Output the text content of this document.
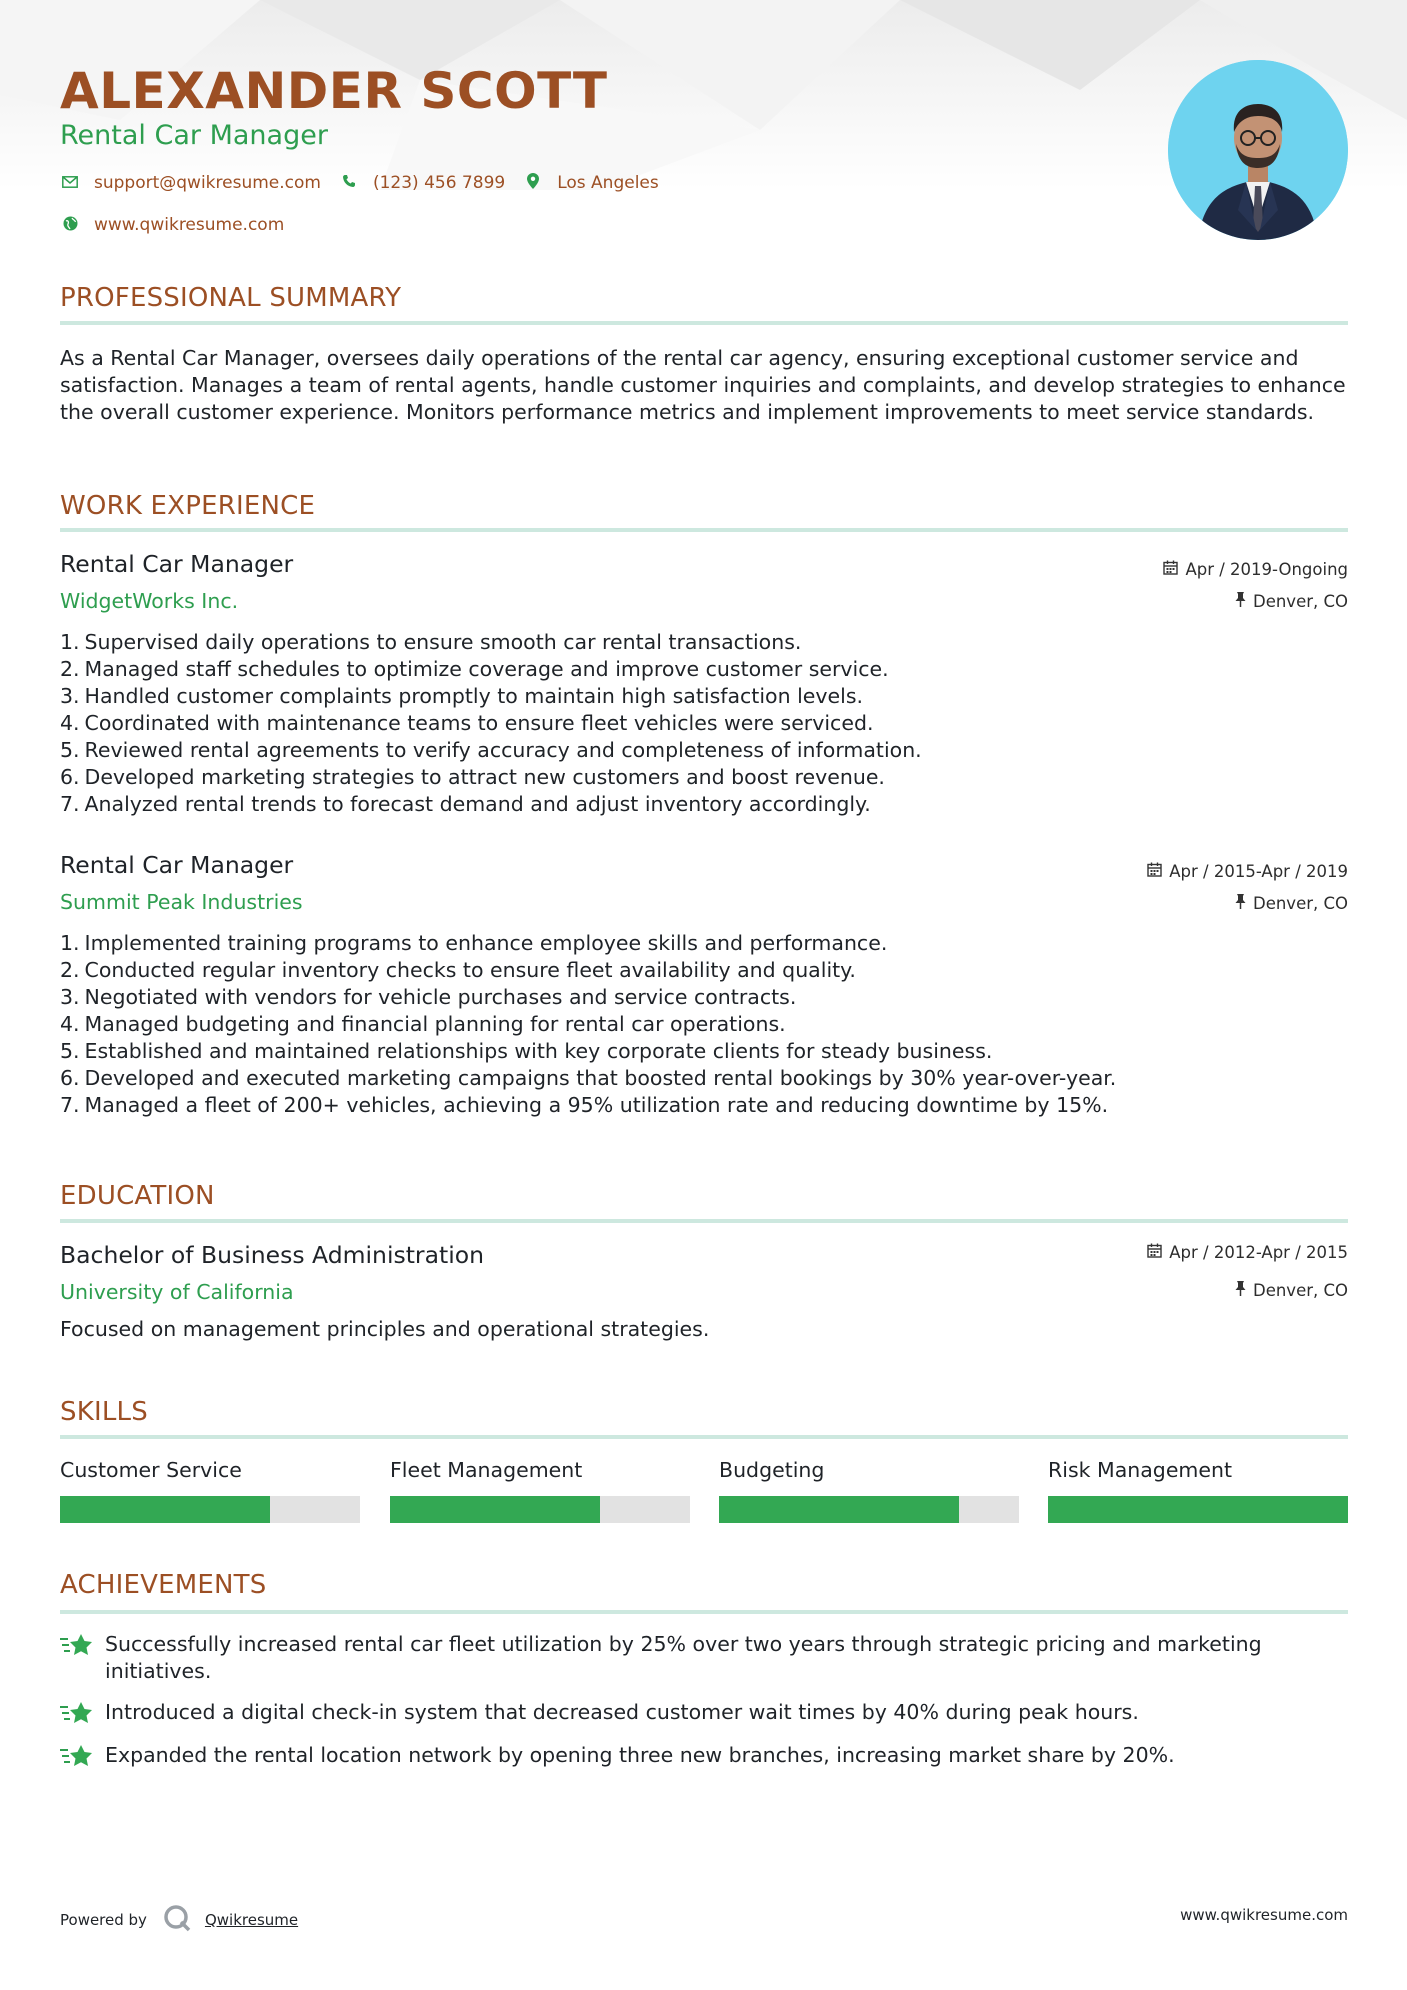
ALEXANDER SCOTT
Rental Car Manager
support@qwikresume.com	(123) 456 7899	Los Angeles
www.qwikresume.com
PROFESSIONAL SUMMARY
As a Rental Car Manager, oversees daily operations of the rental car agency, ensuring exceptional customer service and satisfaction. Manages a team of rental agents, handle customer inquiries and complaints, and develop strategies to enhance the overall customer experience. Monitors performance metrics and implement improvements to meet service standards.
WORK EXPERIENCE
Rental Car Manager
WidgetWorks Inc.
Apr / 2019-Ongoing
Denver, CO
1.
Supervised daily operations to ensure smooth car rental transactions.
2.
Managed staff schedules to optimize coverage and improve customer service.
3.
Handled customer complaints promptly to maintain high satisfaction levels.
4.
Coordinated with maintenance teams to ensure fleet vehicles were serviced.
5.
Reviewed rental agreements to verify accuracy and completeness of information.
6.
Developed marketing strategies to attract new customers and boost revenue.
7.
Analyzed rental trends to forecast demand and adjust inventory accordingly.
Rental Car Manager
Summit Peak Industries
Apr / 2015-Apr / 2019
Denver, CO
1.
Implemented training programs to enhance employee skills and performance.
2.
Conducted regular inventory checks to ensure fleet availability and quality.
3.
Negotiated with vendors for vehicle purchases and service contracts.
4.
Managed budgeting and financial planning for rental car operations.
5.
Established and maintained relationships with key corporate clients for steady business.
6.
Developed and executed marketing campaigns that boosted rental bookings by 30% year-over-year.
7.
Managed a fleet of 200+ vehicles, achieving a 95% utilization rate and reducing downtime by 15%.
EDUCATION
Bachelor of Business Administration
University of California
Apr / 2012-Apr / 2015
Denver, CO
Focused on management principles and operational strategies.
SKILLS
Customer Service	Fleet Management	Budgeting	Risk Management
ACHIEVEMENTS
Successfully increased rental car fleet utilization by 25% over two years through strategic pricing and marketing initiatives.
Introduced a digital check-in system that decreased customer wait times by 40% during peak hours.
Expanded the rental location network by opening three new branches, increasing market share by 20%.
Powered by	Qwikresume	www.qwikresume.com
